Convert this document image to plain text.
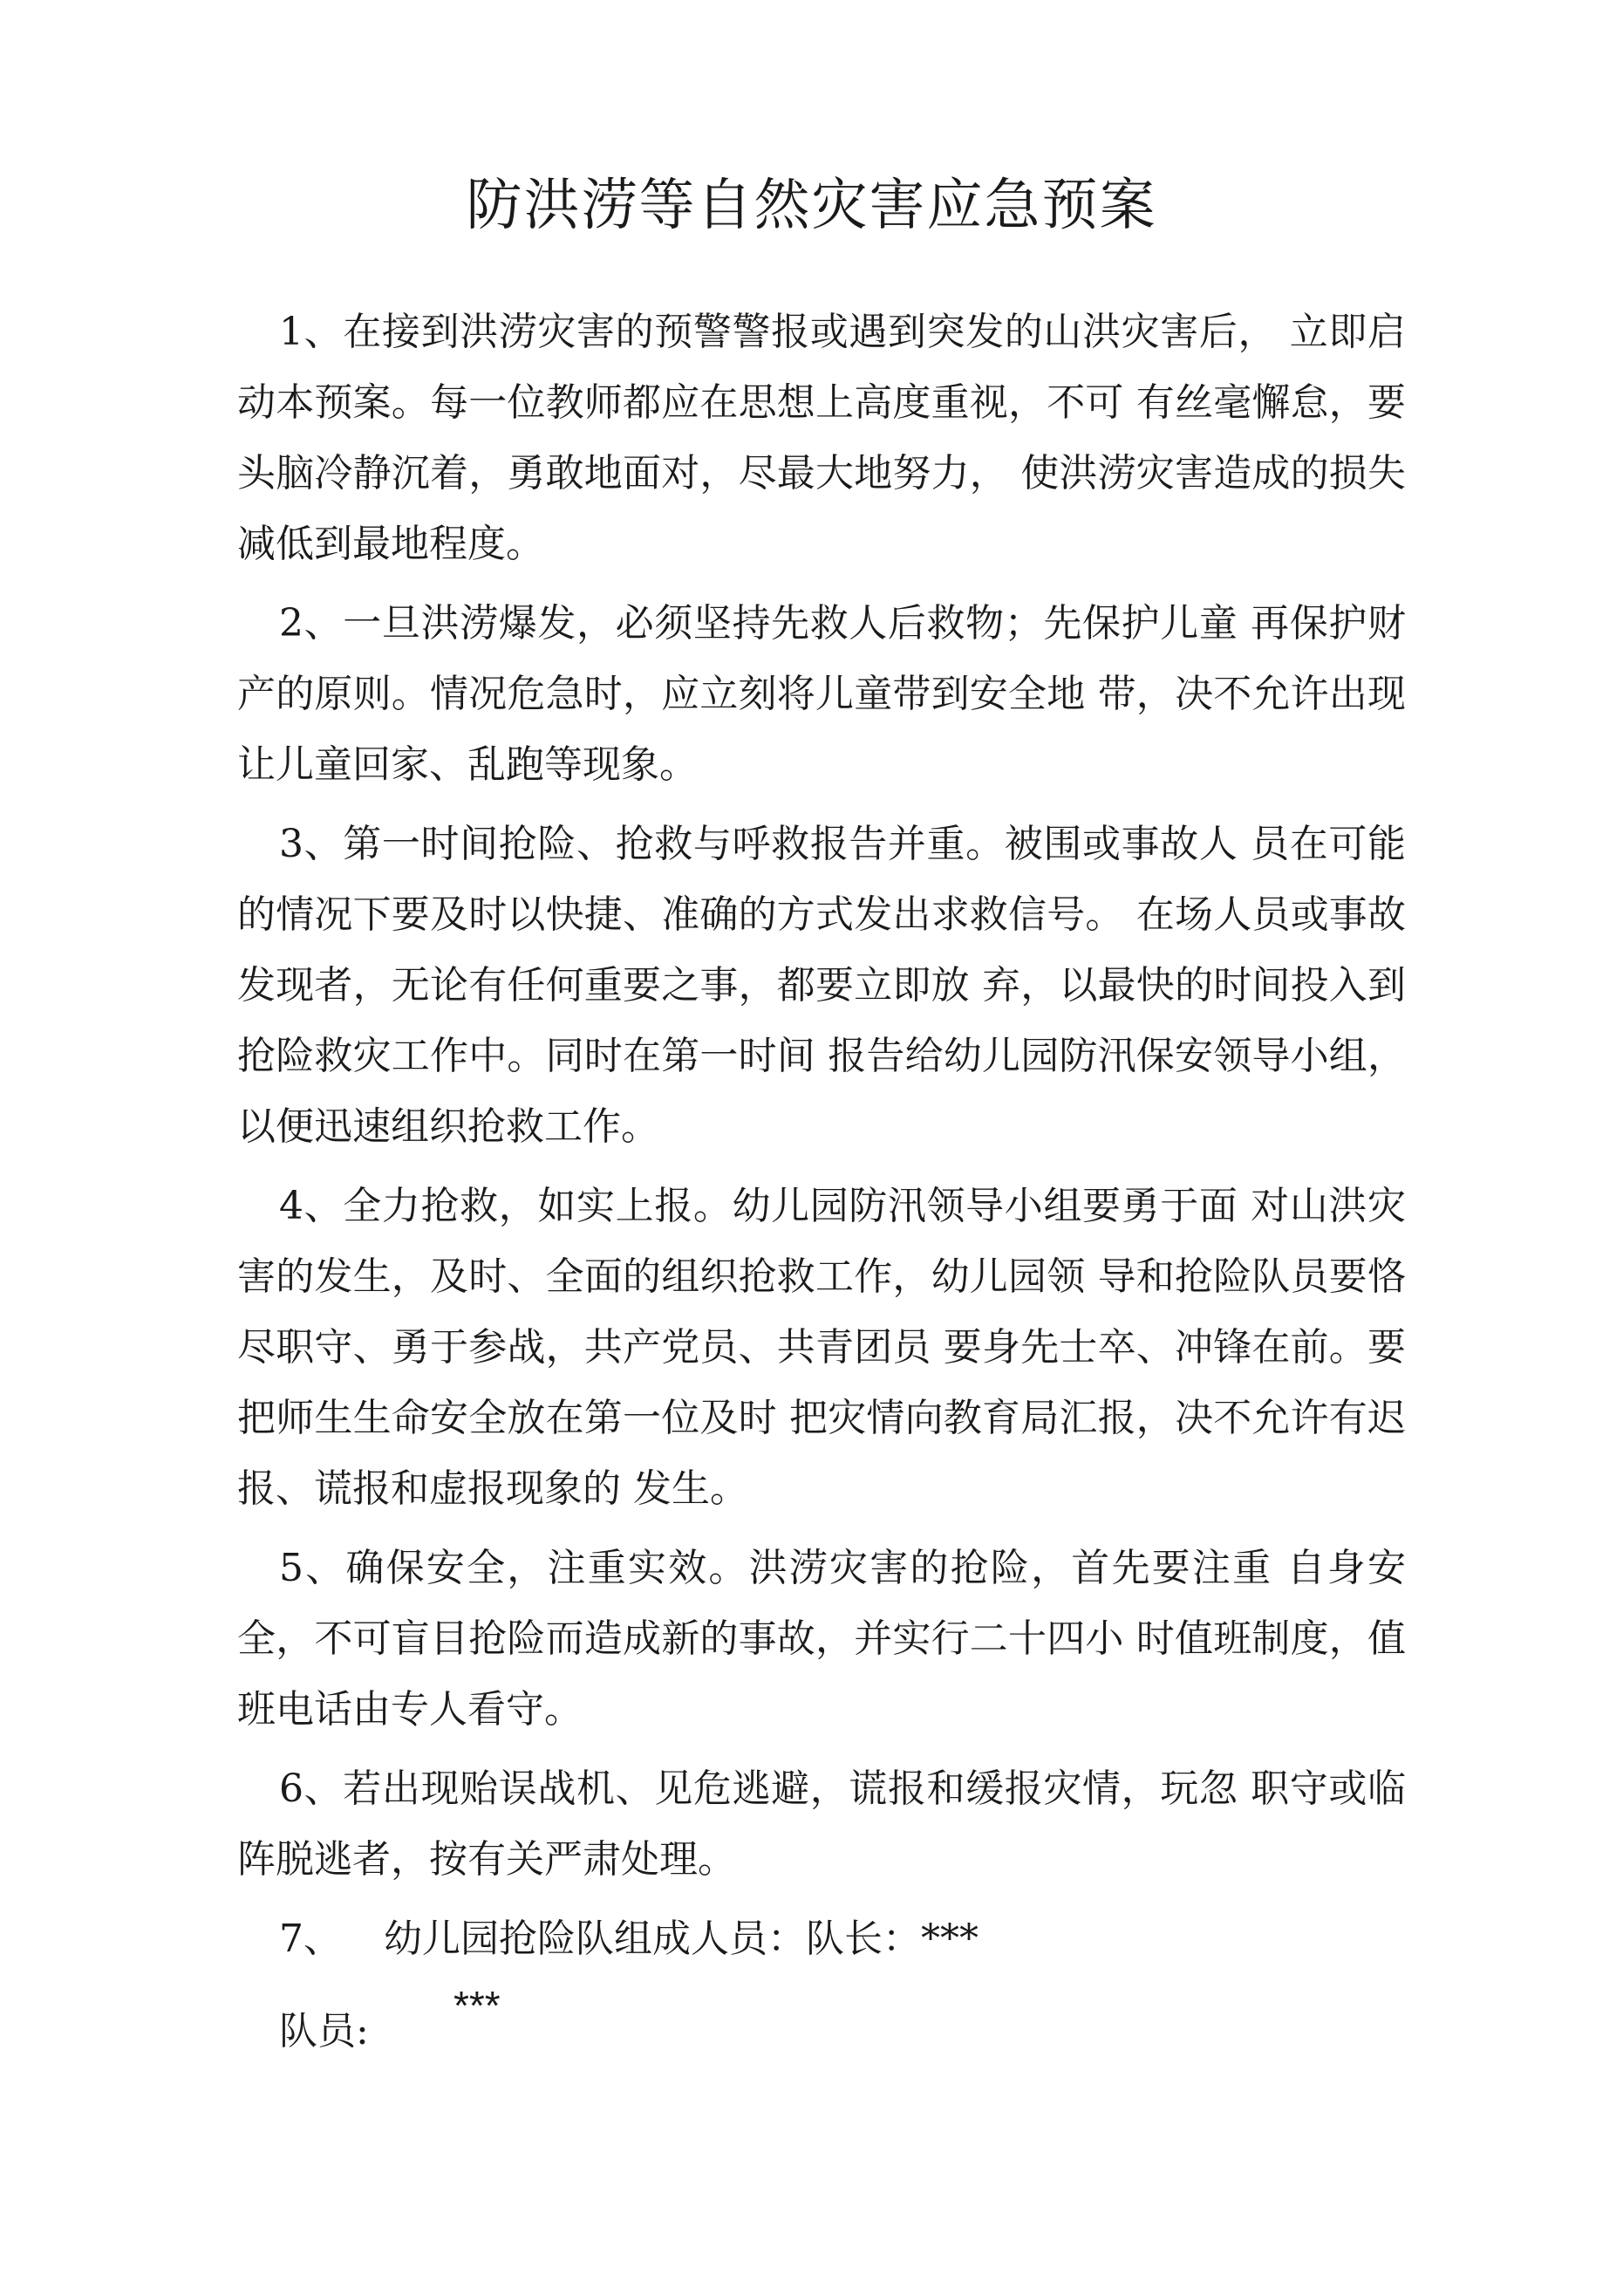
防洪涝等自然灾害应急预案

1、在接到洪涝灾害的预警警报或遇到突发的山洪灾害后， 立即启动本预案。每一位教师都应在思想上高度重视，不可 有丝毫懈怠，要头脑冷静沉着，勇敢地面对，尽最大地努力， 使洪涝灾害造成的损失减低到最地程度。

2、一旦洪涝爆发，必须坚持先救人后救物；先保护儿童 再保护财产的原则。情况危急时，应立刻将儿童带到安全地 带，决不允许出现让儿童回家、乱跑等现象。

3、第一时间抢险、抢救与呼救报告并重。被围或事故人 员在可能的情况下要及时以快捷、准确的方式发出求救信号。 在场人员或事故发现者，无论有任何重要之事，都要立即放 弃，以最快的时间投入到抢险救灾工作中。同时在第一时间 报告给幼儿园防汛保安领导小组，以便迅速组织抢救工作。

4、全力抢救，如实上报。幼儿园防汛领导小组要勇于面 对山洪灾害的发生，及时、全面的组织抢救工作，幼儿园领 导和抢险队员要恪尽职守、勇于参战，共产党员、共青团员 要身先士卒、冲锋在前。要把师生生命安全放在第一位及时 把灾情向教育局汇报，决不允许有迟报、谎报和虚报现象的 发生。

5、确保安全，注重实效。洪涝灾害的抢险，首先要注重 自身安全，不可盲目抢险而造成新的事故，并实行二十四小 时值班制度，值班电话由专人看守。

6、若出现贻误战机、见危逃避，谎报和缓报灾情，玩忽 职守或临阵脱逃者，按有关严肃处理。

7、 幼儿园抢险队组成人员：队长：***

队员:***
